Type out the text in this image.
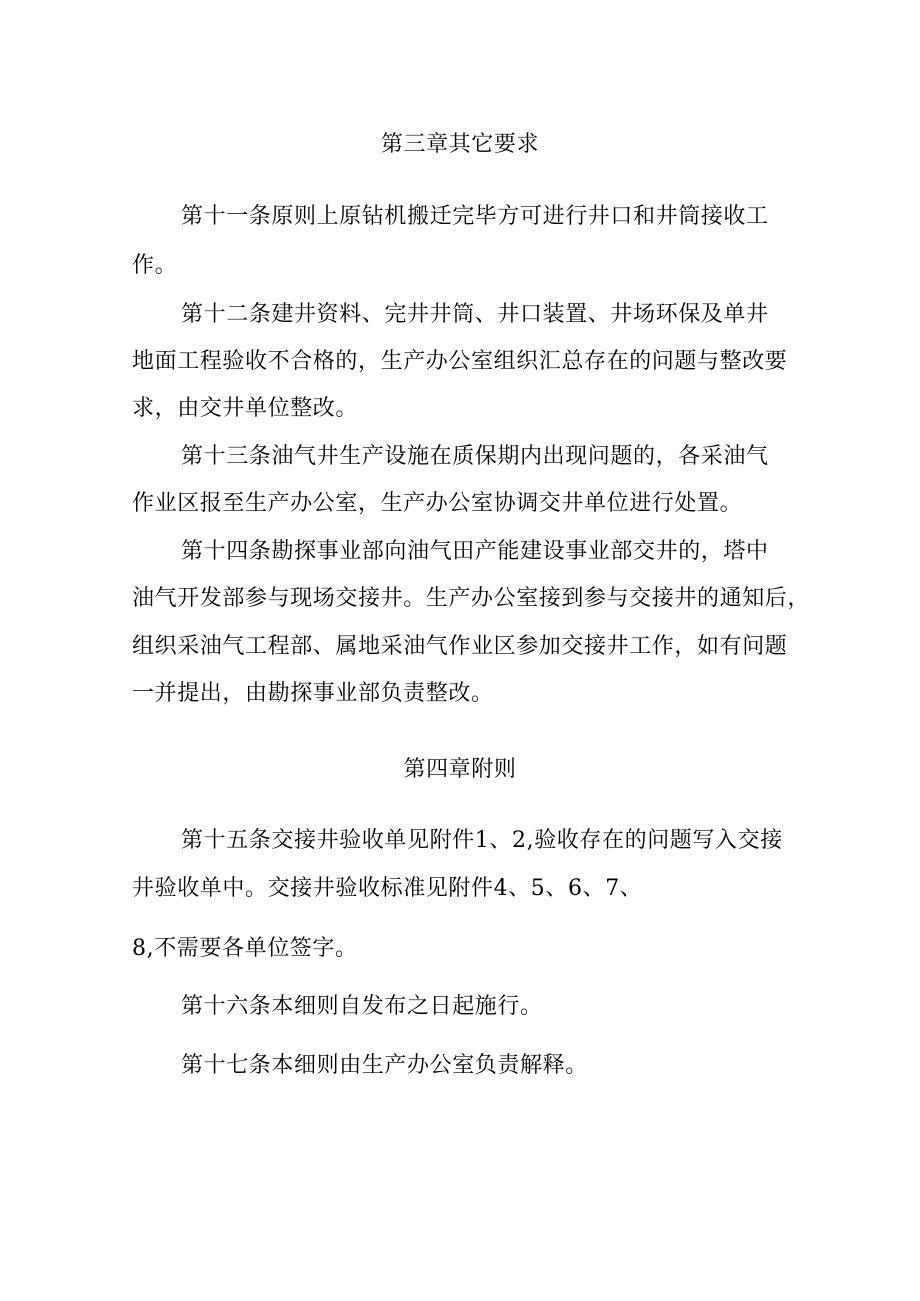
第三章其它要求

第十一条原则上原钻机搬迁完毕方可进行井口和井筒接收工

作。

第十二条建井资料、完井井筒、井口装置、井场环保及单井

地面工程验收不合格的，生产办公室组织汇总存在的问题与整改要

求，由交井单位整改。

第十三条油气井生产设施在质保期内出现问题的，各采油气

作业区报至生产办公室，生产办公室协调交井单位进行处置。

第十四条勘探事业部向油气田产能建设事业部交井的，塔中

油气开发部参与现场交接井。生产办公室接到参与交接井的通知后，

组织采油气工程部、属地采油气作业区参加交接井工作，如有问题

一并提出，由勘探事业部负责整改。

第四章附则

第十五条交接井验收单见附件1、2,验收存在的问题写入交接

井验收单中。交接井验收标准见附件4、5、6、7、

8,不需要各单位签字。

第十六条本细则自发布之日起施行。

第十七条本细则由生产办公室负责解释。
